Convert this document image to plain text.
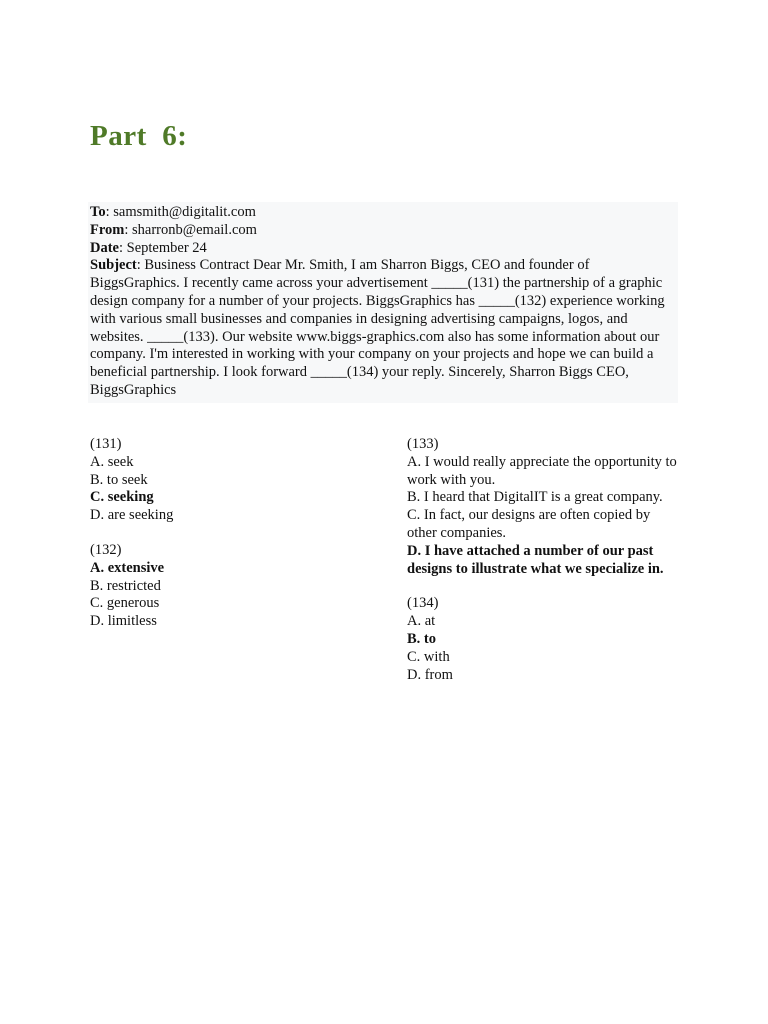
Part  6:
To: samsmith@digitalit.com
From: sharronb@email.com
Date: September 24
Subject: Business Contract Dear Mr. Smith, I am Sharron Biggs, CEO and founder of BiggsGraphics. I recently came across your advertisement _____(131) the partnership of a graphic design company for a number of your projects. BiggsGraphics has _____(132) experience working with various small businesses and companies in designing advertising campaigns, logos, and websites. _____(133). Our website www.biggs-graphics.com also has some information about our company. I'm interested in working with your company on your projects and hope we can build a beneficial partnership. I look forward _____(134) your reply. Sincerely, Sharron Biggs CEO, BiggsGraphics
(131)
A. seek
B. to seek
C. seeking
D. are seeking
(132)
A. extensive
B. restricted
C. generous
D. limitless
(133)
A. I would really appreciate the opportunity to work with you.
B. I heard that DigitalIT is a great company.
C. In fact, our designs are often copied by other companies.
D. I have attached a number of our past designs to illustrate what we specialize in.
(134)
A. at
B. to
C. with
D. from
